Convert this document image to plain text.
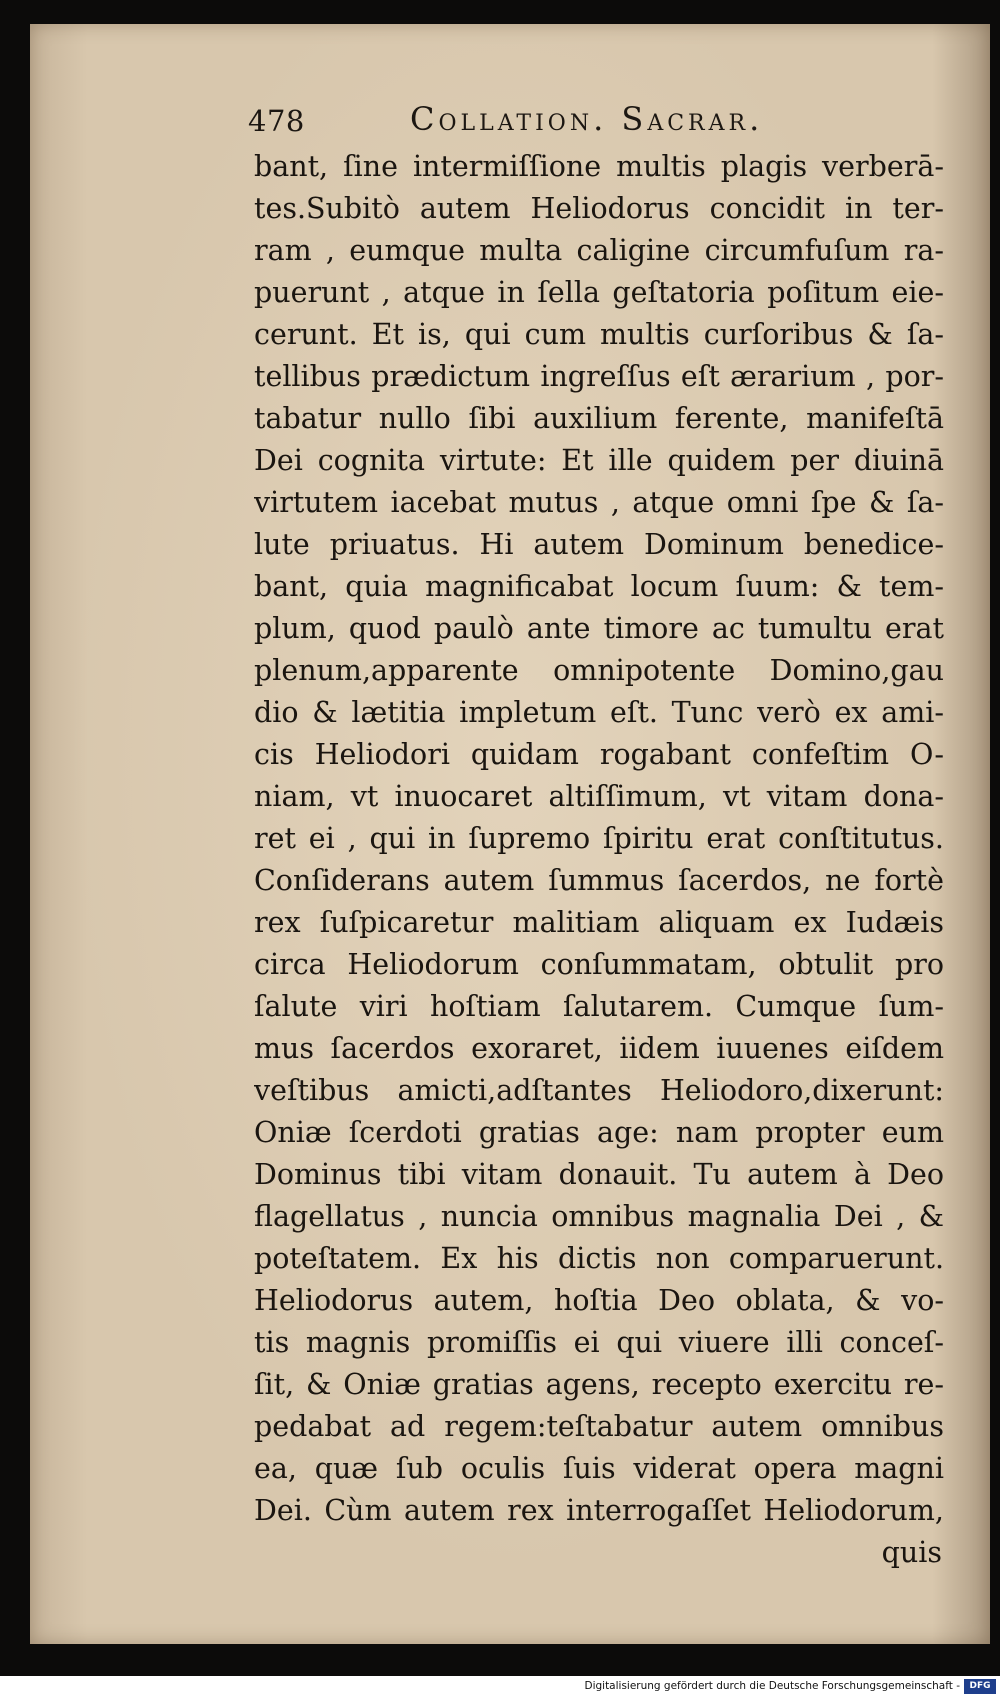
478	Collation. Sacrar.
bant, ſine intermiſſione multis plagis verberā-
tes.Subitò autem Heliodorus concidit in ter-
ram , eumque multa caligine circumfuſum ra-
puerunt , atque in ſella geſtatoria poſitum eie-
cerunt. Et is, qui cum multis curſoribus & ſa-
tellibus prædictum ingreſſus eſt ærarium , por-
tabatur nullo ſibi auxilium ferente, manifeſtā
Dei cognita virtute: Et ille quidem per diuinā
virtutem iacebat mutus , atque omni ſpe & ſa-
lute priuatus. Hi autem Dominum benedice-
bant, quia magnificabat locum ſuum: & tem-
plum, quod paulò ante timore ac tumultu erat
plenum,apparente omnipotente Domino,gau
dio & lætitia impletum eſt. Tunc verò ex ami-
cis Heliodori quidam rogabant confeſtim O-
niam, vt inuocaret altiſſimum, vt vitam dona-
ret ei , qui in ſupremo ſpiritu erat conſtitutus.
Conſiderans autem ſummus ſacerdos, ne fortè
rex ſuſpicaretur malitiam aliquam ex Iudæis
circa Heliodorum conſummatam, obtulit pro
ſalute viri hoſtiam ſalutarem. Cumque ſum-
mus ſacerdos exoraret, iidem iuuenes eiſdem
veſtibus amicti,adſtantes Heliodoro,dixerunt:
Oniæ ſcerdoti gratias age: nam propter eum
Dominus tibi vitam donauit. Tu autem à Deo
flagellatus , nuncia omnibus magnalia Dei , &
poteſtatem. Ex his dictis non comparuerunt.
Heliodorus autem, hoſtia Deo oblata, & vo-
tis magnis promiſſis ei qui viuere illi conceſ-
ſit, & Oniæ gratias agens, recepto exercitu re-
pedabat ad regem:teſtabatur autem omnibus
ea, quæ ſub oculis ſuis viderat opera magni
Dei. Cùm autem rex interrogaſſet Heliodorum,
quis
Digitalisierung gefördert durch die Deutsche Forschungsgemeinschaft -	DFG
